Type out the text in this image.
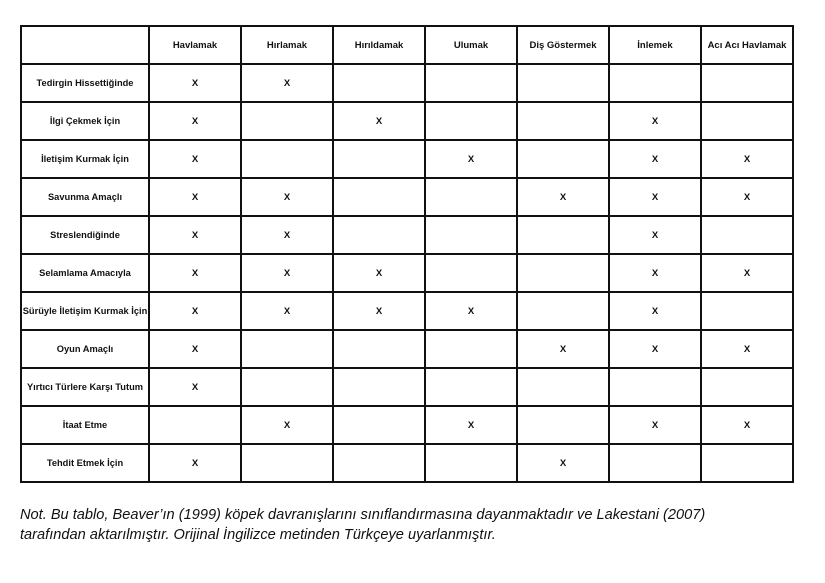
	Havlamak	Hırlamak	Hırıldamak	Ulumak	Diş Göstermek	İnlemek	Acı Acı Havlamak
Tedirgin Hissettiğinde	X	X					
İlgi Çekmek İçin	X		X			X	
İletişim Kurmak İçin	X			X		X	X
Savunma Amaçlı	X	X			X	X	X
Streslendiğinde	X	X				X	
Selamlama Amacıyla	X	X	X			X	X
Sürüyle İletişim Kurmak İçin	X	X	X	X		X	
Oyun Amaçlı	X				X	X	X
Yırtıcı Türlere Karşı Tutum	X						
İtaat Etme		X		X		X	X
Tehdit Etmek İçin	X				X		
Not. Bu tablo, Beaver’ın (1999) köpek davranışlarını sınıflandırmasına dayanmaktadır ve Lakestani (2007)
tarafından aktarılmıştır. Orijinal İngilizce metinden Türkçeye uyarlanmıştır.
